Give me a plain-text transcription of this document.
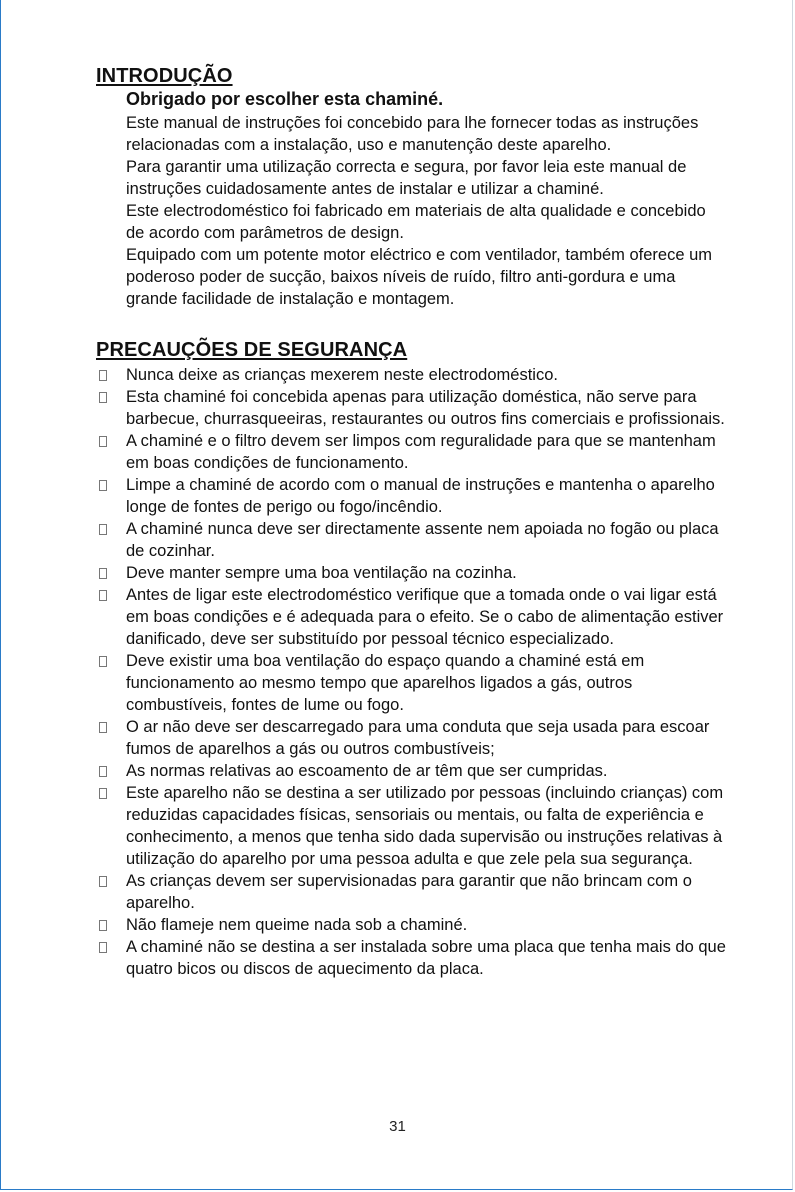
INTRODUÇÃO

Obrigado por escolher esta chaminé.

Este manual de instruções foi concebido para lhe fornecer todas as instruções relacionadas com a instalação, uso e manutenção deste aparelho.

Para garantir uma utilização correcta e segura, por favor leia este manual de instruções cuidadosamente antes de instalar e utilizar a chaminé.

Este electrodoméstico foi fabricado em materiais de alta qualidade e concebido de acordo com parâmetros de design.

Equipado com um potente motor eléctrico e com ventilador, também oferece um poderoso poder de sucção, baixos níveis de ruído, filtro anti-gordura e uma grande facilidade de instalação e montagem.

PRECAUÇÕES DE SEGURANÇA
Nunca deixe as crianças mexerem neste electrodoméstico.
Esta chaminé foi concebida apenas para utilização doméstica, não serve para barbecue, churrasqueeiras, restaurantes ou outros fins comerciais e profissionais.
A chaminé e o filtro devem ser limpos com reguralidade para que se mantenham em boas condições de funcionamento.
Limpe a chaminé de acordo com o manual de instruções e mantenha o aparelho longe de fontes de perigo ou fogo/incêndio.
A chaminé nunca deve ser directamente assente nem apoiada no fogão ou placa de cozinhar.
Deve manter sempre uma boa ventilação na cozinha.
Antes de ligar este electrodoméstico verifique que a tomada onde o vai ligar está em boas condições e é adequada para o efeito. Se o cabo de alimentação estiver danificado, deve ser substituído por pessoal técnico especializado.
Deve existir uma boa ventilação do espaço quando a chaminé está em funcionamento ao mesmo tempo que aparelhos ligados a gás, outros combustíveis, fontes de lume ou fogo.
O ar não deve ser descarregado para uma conduta que seja usada para escoar fumos de aparelhos a gás ou outros combustíveis;
As normas relativas ao escoamento de ar têm que ser cumpridas.
Este aparelho não se destina a ser utilizado por pessoas (incluindo crianças) com reduzidas capacidades físicas, sensoriais ou mentais, ou falta de experiência e conhecimento, a menos que tenha sido dada supervisão ou instruções relativas à utilização do aparelho por uma pessoa adulta e que zele pela sua segurança.
As crianças devem ser supervisionadas para garantir que não brincam com o aparelho.
Não flameje nem queime nada sob a chaminé.
A chaminé não se destina a ser instalada sobre uma placa que tenha mais do que quatro bicos ou discos de aquecimento da placa.
31
